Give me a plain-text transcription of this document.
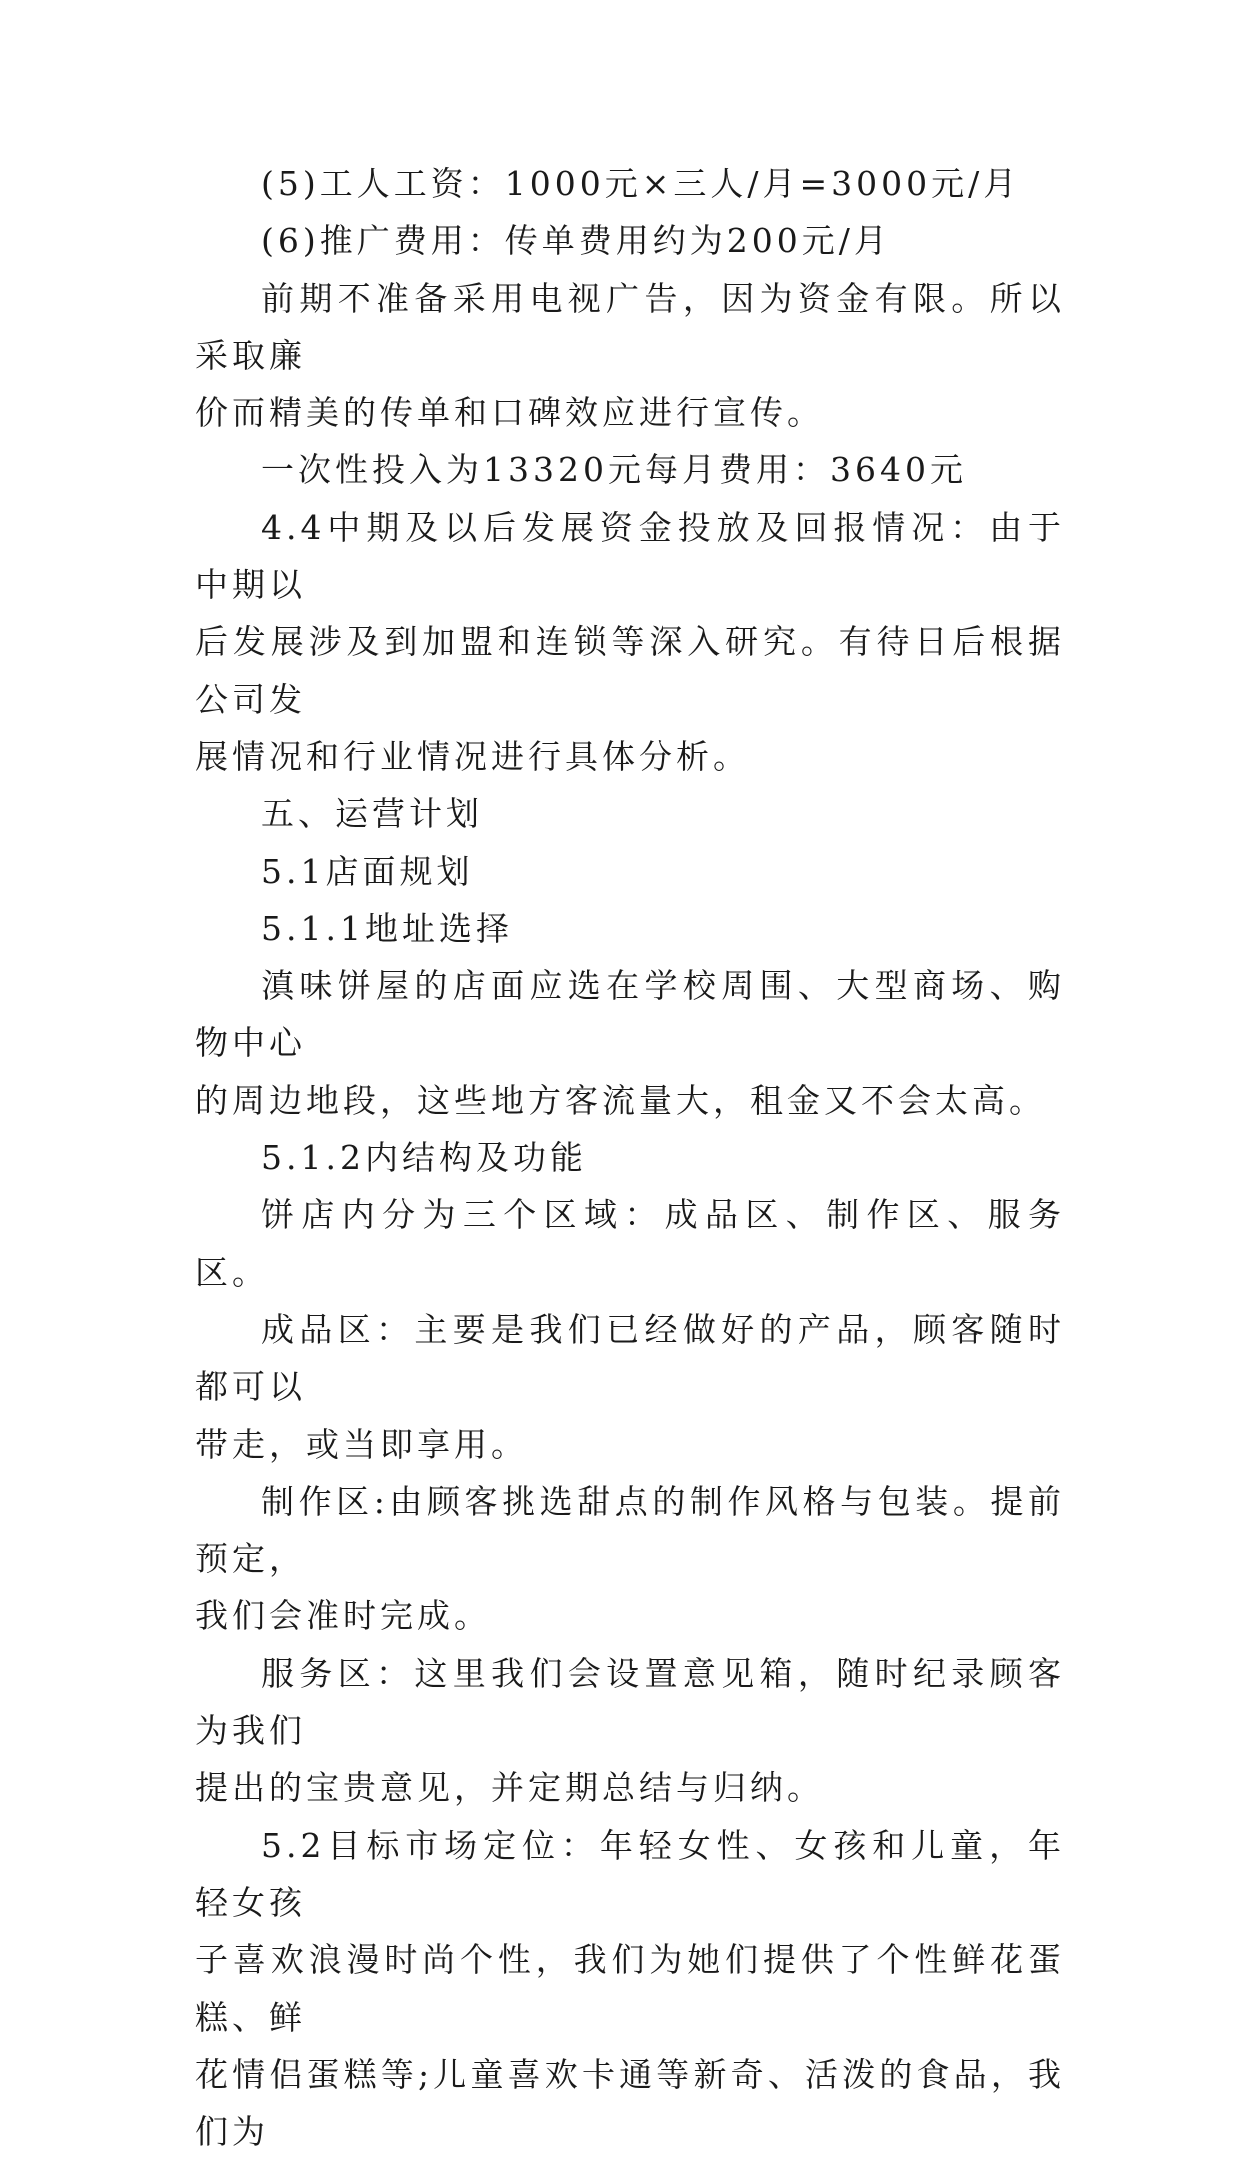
(5)工人工资：1000元×三人/月=3000元/月

(6)推广费用：传单费用约为200元/月

前期不准备采用电视广告，因为资金有限。所以采取廉

价而精美的传单和口碑效应进行宣传。

一次性投入为13320元每月费用：3640元

4.4中期及以后发展资金投放及回报情况：由于中期以

后发展涉及到加盟和连锁等深入研究。有待日后根据公司发

展情况和行业情况进行具体分析。

五、运营计划

5.1店面规划

5.1.1地址选择

滇味饼屋的店面应选在学校周围、大型商场、购物中心

的周边地段，这些地方客流量大，租金又不会太高。

5.1.2内结构及功能

饼店内分为三个区域：成品区、制作区、服务区。

成品区：主要是我们已经做好的产品，顾客随时都可以

带走，或当即享用。

制作区:由顾客挑选甜点的制作风格与包装。提前预定，

我们会准时完成。

服务区：这里我们会设置意见箱，随时纪录顾客为我们

提出的宝贵意见，并定期总结与归纳。

5.2目标市场定位：年轻女性、女孩和儿童，年轻女孩

子喜欢浪漫时尚个性，我们为她们提供了个性鲜花蛋糕、鲜

花情侣蛋糕等;儿童喜欢卡通等新奇、活泼的食品，我们为
